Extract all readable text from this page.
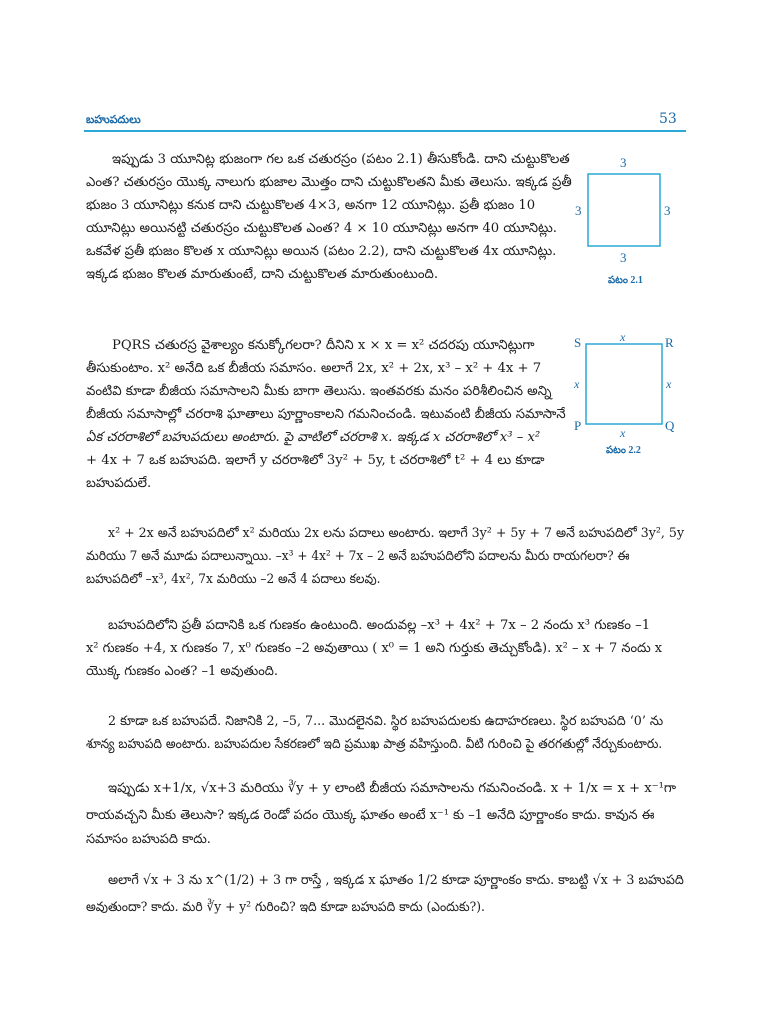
బహుపదులు	53
ఇప్పుడు 3 యూనిట్ల భుజంగా గల ఒక చతురస్రం (పటం 2.1) తీసుకోండి. దాని చుట్టుకొలత
ఎంత? చతురస్రం యొక్క నాలుగు భుజాల మొత్తం దాని చుట్టుకొలతని మీకు తెలుసు. ఇక్కడ ప్రతీ
భుజం 3 యూనిట్లు కనుక దాని చుట్టుకొలత 4×3, అనగా 12 యూనిట్లు. ప్రతీ భుజం 10
యూనిట్లు అయినట్టి చతురస్రం చుట్టుకొలత ఎంత? 4 × 10 యూనిట్లు అనగా 40 యూనిట్లు.
ఒకవేళ ప్రతీ భుజం కొలత x యూనిట్లు అయిన (పటం 2.2), దాని చుట్టుకొలత 4x యూనిట్లు.
ఇక్కడ భుజం కొలత మారుతుంటే, దాని చుట్టుకొలత మారుతుంటుంది.
3
3	3
3
పటం 2.1
PQRS చతురస్ర వైశాల్యం కనుక్కోగలరా? దీనిని x × x = x² చదరపు యూనిట్లుగా
తీసుకుంటాం. x² అనేది ఒక బీజీయ సమాసం. అలాగే 2x, x² + 2x, x³ – x² + 4x + 7
వంటివి కూడా బీజీయ సమాసాలని మీకు బాగా తెలుసు. ఇంతవరకు మనం పరిశీలించిన అన్ని
బీజీయ సమాసాల్లో చరరాశి ఘాతాలు పూర్ణాంకాలని గమనించండి. ఇటువంటి బీజీయ సమాసానే
ఏక చరరాశిలో బహుపదులు అంటారు. పై వాటిలో చరరాశి x. ఇక్కడ x చరరాశిలో x³ – x²
+ 4x + 7 ఒక బహుపది. ఇలాగే y చరరాశిలో 3y² + 5y, t చరరాశిలో t² + 4 లు కూడా
బహుపదులే.
S	R
P	Q
x
x	x
x
పటం 2.2
x² + 2x అనే బహుపదిలో x² మరియు 2x లను పదాలు అంటారు. ఇలాగే 3y² + 5y + 7 అనే బహుపదిలో 3y², 5y
మరియు 7 అనే మూడు పదాలున్నాయి. –x³ + 4x² + 7x – 2 అనే బహుపదిలోని పదాలను మీరు రాయగలరా? ఈ
బహుపదిలో –x³, 4x², 7x మరియు –2 అనే 4 పదాలు కలవు.
బహుపదిలోని ప్రతీ పదానికి ఒక గుణకం ఉంటుంది. అందువల్ల –x³ + 4x² + 7x – 2 నందు x³ గుణకం –1
x² గుణకం +4, x గుణకం 7, x⁰ గుణకం –2 అవుతాయి ( x⁰ = 1 అని గుర్తుకు తెచ్చుకోండి). x² – x + 7 నందు x
యొక్క గుణకం ఎంత? –1 అవుతుంది.
2 కూడా ఒక బహుపదే. నిజానికి 2, –5, 7... మొదలైనవి. స్థిర బహుపదులకు ఉదాహరణలు. స్థిర బహుపది ‘0’ ను
శూన్య బహుపది అంటారు. బహుపదుల సేకరణలో ఇది ప్రముఖ పాత్ర వహిస్తుంది. వీటి గురించి పై తరగతుల్లో నేర్చుకుంటారు.
ఇప్పుడు x+1/x, √x+3 మరియు ∛y + y లాంటి బీజీయ సమాసాలను గమనించండి. x + 1/x = x + x⁻¹గా
రాయవచ్చని మీకు తెలుసా? ఇక్కడ రెండో పదం యొక్క ఘాతం అంటే x⁻¹ కు –1 అనేది పూర్ణాంకం కాదు. కావున ఈ
సమాసం బహుపది కాదు.
అలాగే √x + 3 ను x^(1/2) + 3 గా రాస్తే , ఇక్కడ x ఘాతం 1/2 కూడా పూర్ణాంకం కాదు. కాబట్టి √x + 3 బహుపది
అవుతుందా? కాదు. మరి ∛y + y² గురించి? ఇది కూడా బహుపది కాదు (ఎందుకు?).
